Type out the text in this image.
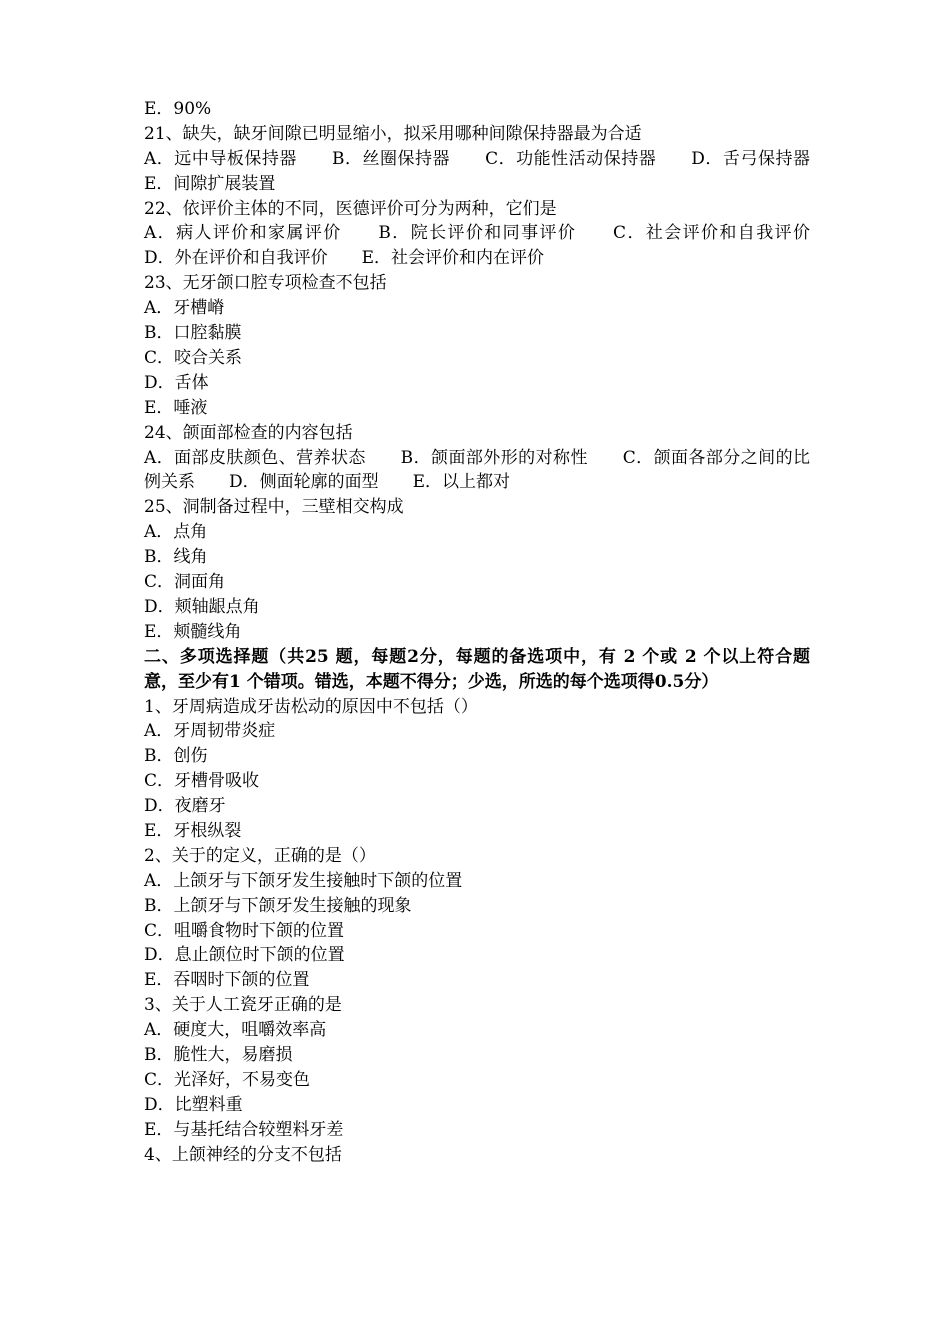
E．90%
21、缺失，缺牙间隙已明显缩小，拟采用哪种间隙保持器最为合适
A．远中导板保持器　　B．丝圈保持器　　C．功能性活动保持器　　D．舌弓保持器　　E．间隙扩展装置
22、依评价主体的不同，医德评价可分为两种，它们是
A．病人评价和家属评价　　B．院长评价和同事评价　　C．社会评价和自我评价　　D．外在评价和自我评价　　E．社会评价和内在评价
23、无牙颌口腔专项检查不包括
A．牙槽嵴
B．口腔黏膜
C．咬合关系
D．舌体
E．唾液
24、颌面部检查的内容包括
A．面部皮肤颜色、营养状态　　B．颌面部外形的对称性　　C．颌面各部分之间的比例关系　　D．侧面轮廓的面型　　E．以上都对
25、洞制备过程中，三壁相交构成
A．点角
B．线角
C．洞面角
D．颊轴龈点角
E．颊髓线角
二、多项选择题（共25 题，每题2分，每题的备选项中，有 2 个或 2 个以上符合题意，至少有1 个错项。错选，本题不得分；少选，所选的每个选项得0.5分）
1、牙周病造成牙齿松动的原因中不包括（）
A．牙周韧带炎症
B．创伤
C．牙槽骨吸收
D．夜磨牙
E．牙根纵裂
2、关于的定义，正确的是（）
A．上颌牙与下颌牙发生接触时下颌的位置
B．上颌牙与下颌牙发生接触的现象
C．咀嚼食物时下颌的位置
D．息止颌位时下颌的位置
E．吞咽时下颌的位置
3、关于人工瓷牙正确的是
A．硬度大，咀嚼效率高
B．脆性大，易磨损
C．光泽好，不易变色
D．比塑料重
E．与基托结合较塑料牙差
4、上颌神经的分支不包括
